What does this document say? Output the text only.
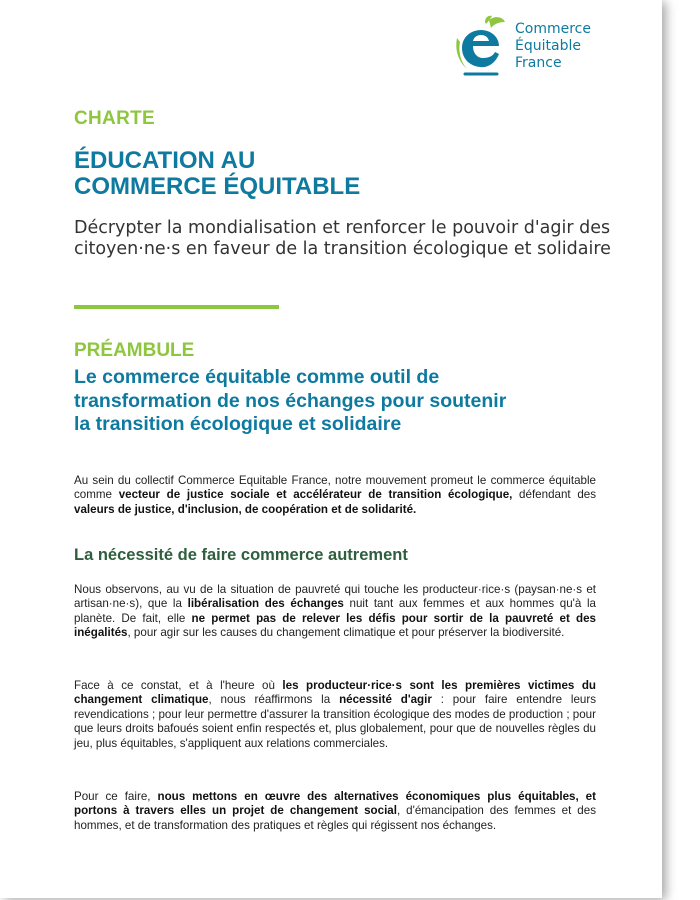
Commerce
Équitable
France
CHARTE
ÉDUCATION AU
COMMERCE ÉQUITABLE
Décrypter la mondialisation et renforcer le pouvoir d'agir des citoyen·ne·s en faveur de la transition écologique et solidaire
PRÉAMBULE
Le commerce équitable comme outil de
transformation de nos échanges pour soutenir
la transition écologique et solidaire

Au sein du collectif Commerce Equitable France, notre mouvement promeut le commerce équitable comme vecteur de justice sociale et accélérateur de transition écologique, défendant des valeurs de justice, d'inclusion, de coopération et de solidarité.

La nécessité de faire commerce autrement

Nous observons, au vu de la situation de pauvreté qui touche les producteur·rice·s (paysan·ne·s et artisan·ne·s), que la libéralisation des échanges nuit tant aux femmes et aux hommes qu'à la planète. De fait, elle ne permet pas de relever les défis pour sortir de la pauvreté et des inégalités, pour agir sur les causes du changement climatique et pour préserver la biodiversité.

Face à ce constat, et à l'heure où les producteur·rice·s sont les premières victimes du changement climatique, nous réaffirmons la nécessité d'agir : pour faire entendre leurs revendications ; pour leur permettre d'assurer la transition écologique des modes de production ; pour que leurs droits bafoués soient enfin respectés et, plus globalement, pour que de nouvelles règles du jeu, plus équitables, s'appliquent aux relations commerciales.

Pour ce faire, nous mettons en œuvre des alternatives économiques plus équitables, et portons à travers elles un projet de changement social, d'émancipation des femmes et des hommes, et de transformation des pratiques et règles qui régissent nos échanges.
